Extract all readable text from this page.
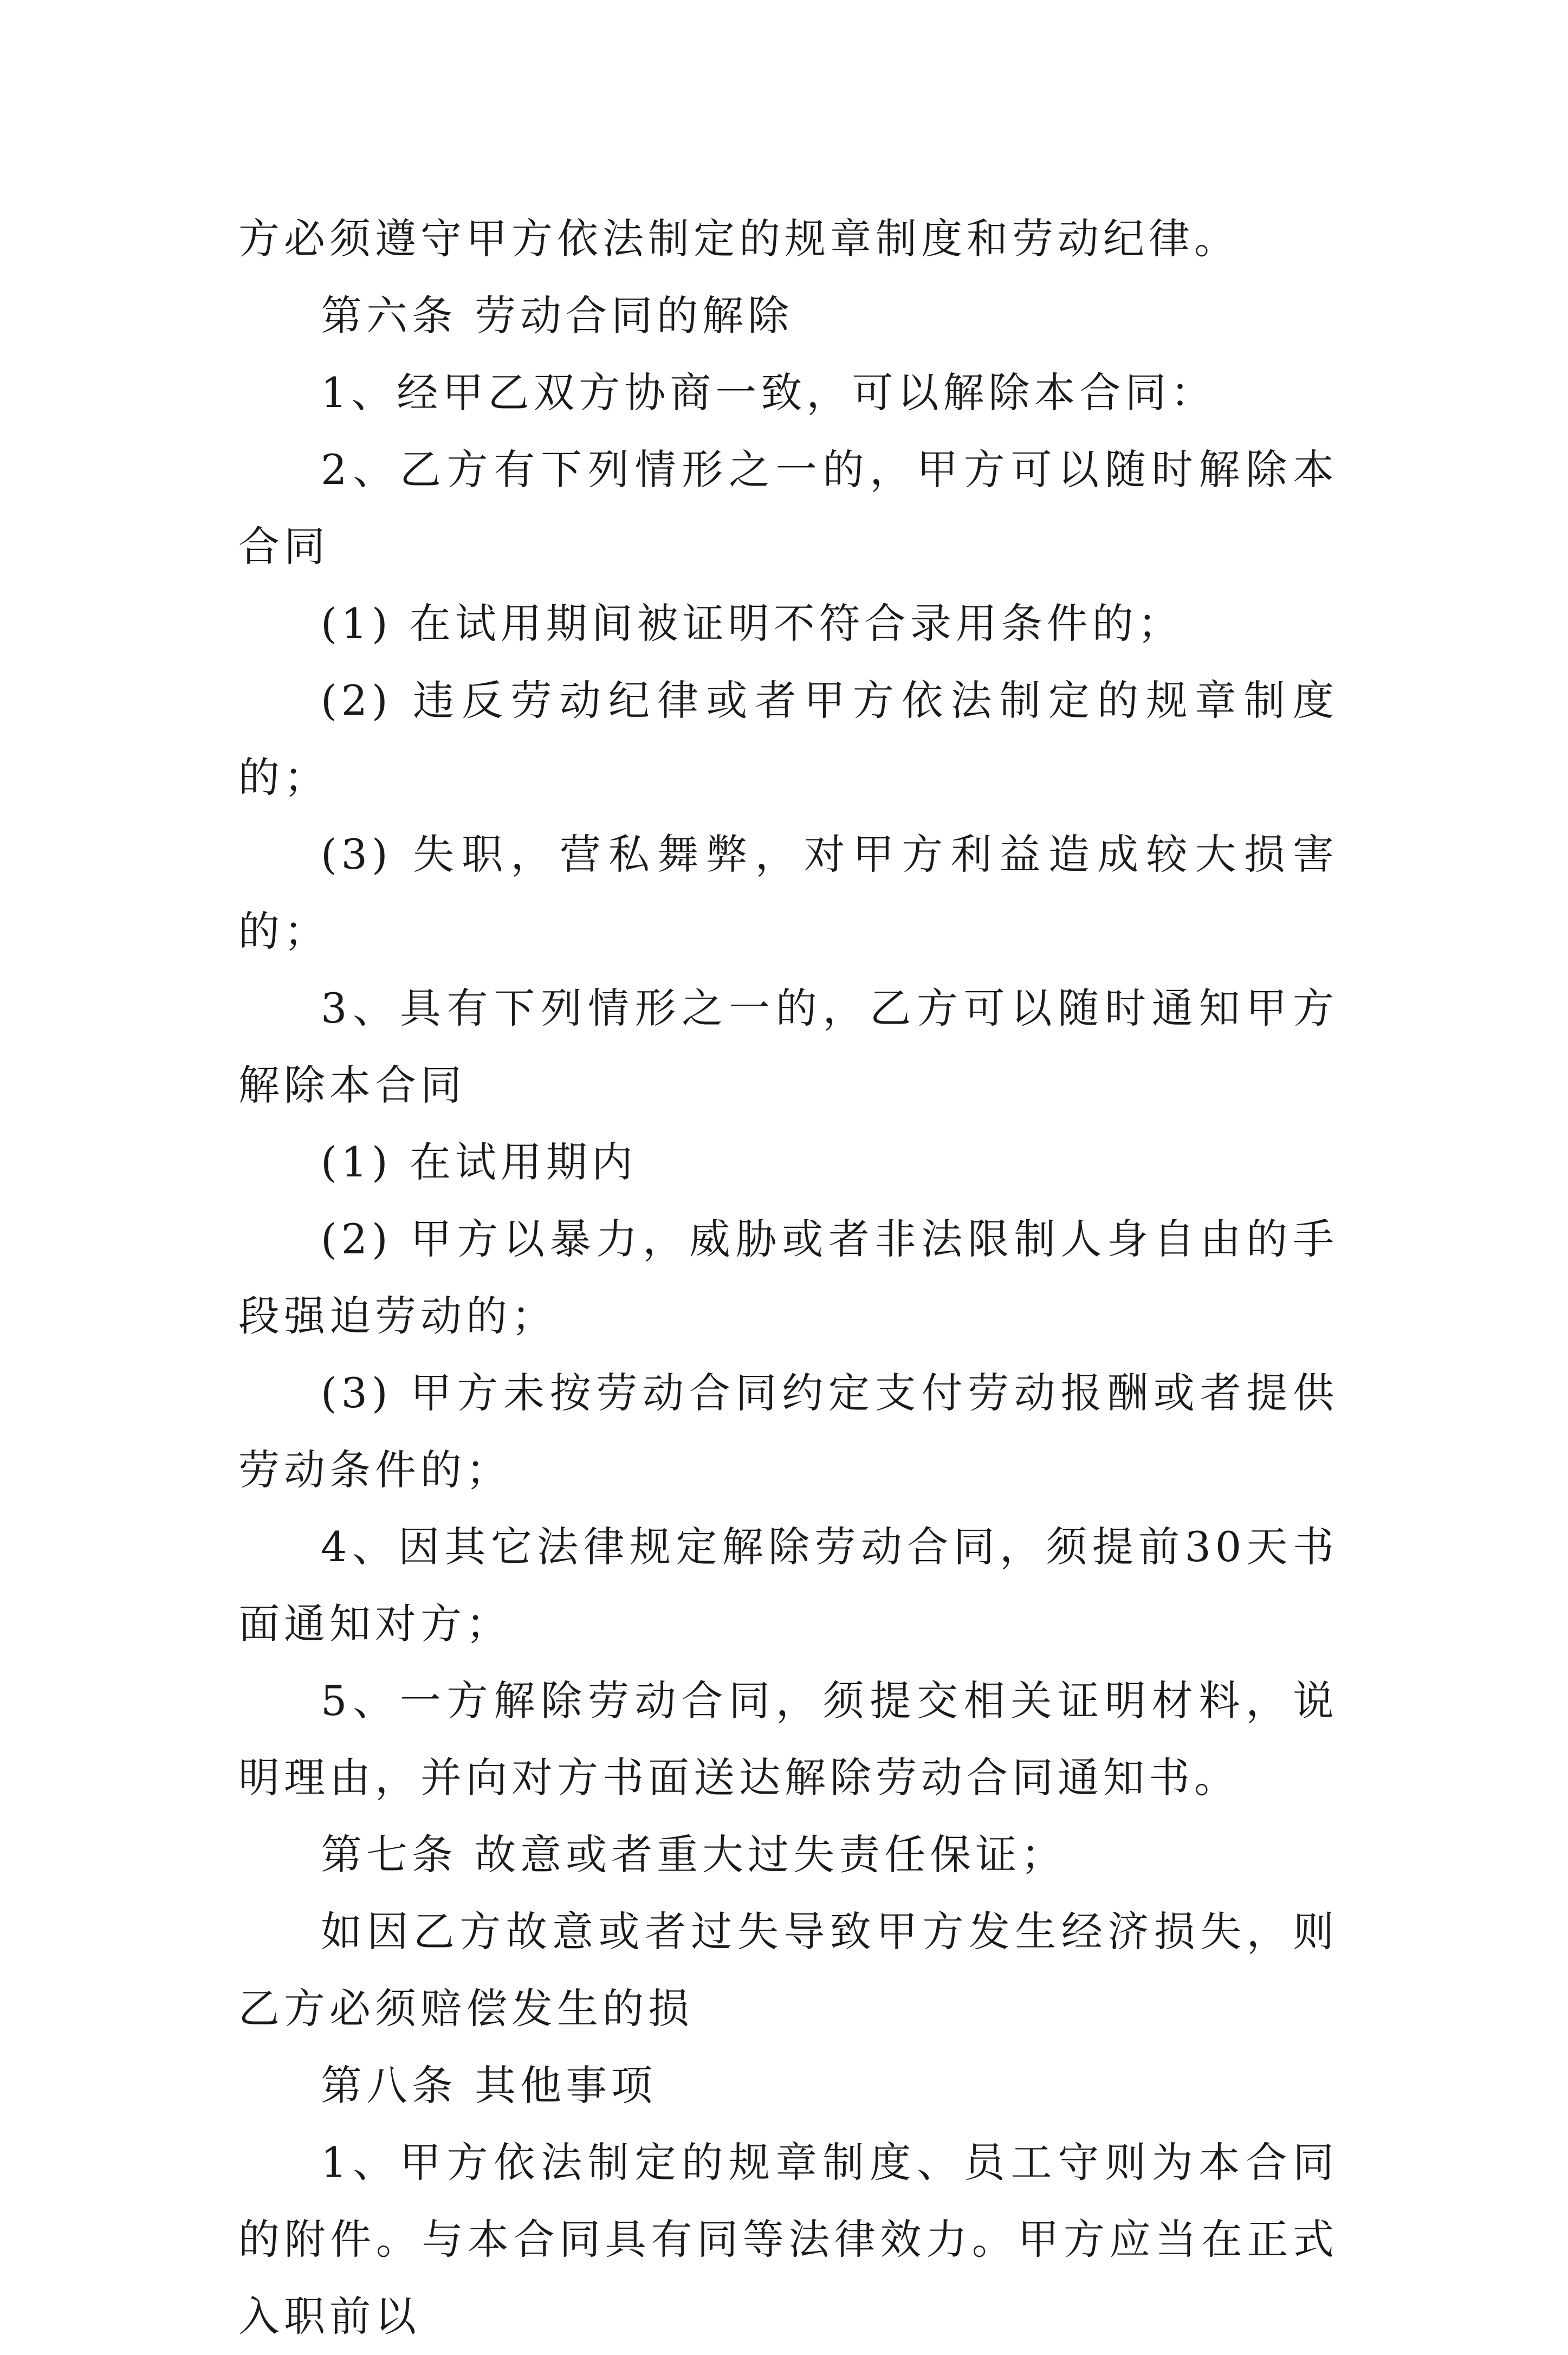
方必须遵守甲方依法制定的规章制度和劳动纪律。

第六条 劳动合同的解除

1、经甲乙双方协商一致，可以解除本合同：

2、乙方有下列情形之一的，甲方可以随时解除本合同

(1) 在试用期间被证明不符合录用条件的；

(2) 违反劳动纪律或者甲方依法制定的规章制度的；

(3) 失职，营私舞弊，对甲方利益造成较大损害的；

3、具有下列情形之一的，乙方可以随时通知甲方解除本合同

(1) 在试用期内

(2) 甲方以暴力，威胁或者非法限制人身自由的手段强迫劳动的；

(3) 甲方未按劳动合同约定支付劳动报酬或者提供劳动条件的；

4、因其它法律规定解除劳动合同，须提前30天书面通知对方；

5、一方解除劳动合同，须提交相关证明材料，说明理由，并向对方书面送达解除劳动合同通知书。

第七条 故意或者重大过失责任保证；

如因乙方故意或者过失导致甲方发生经济损失，则乙方必须赔偿发生的损

第八条 其他事项

1、甲方依法制定的规章制度、员工守则为本合同的附件。与本合同具有同等法律效力。甲方应当在正式入职前以
